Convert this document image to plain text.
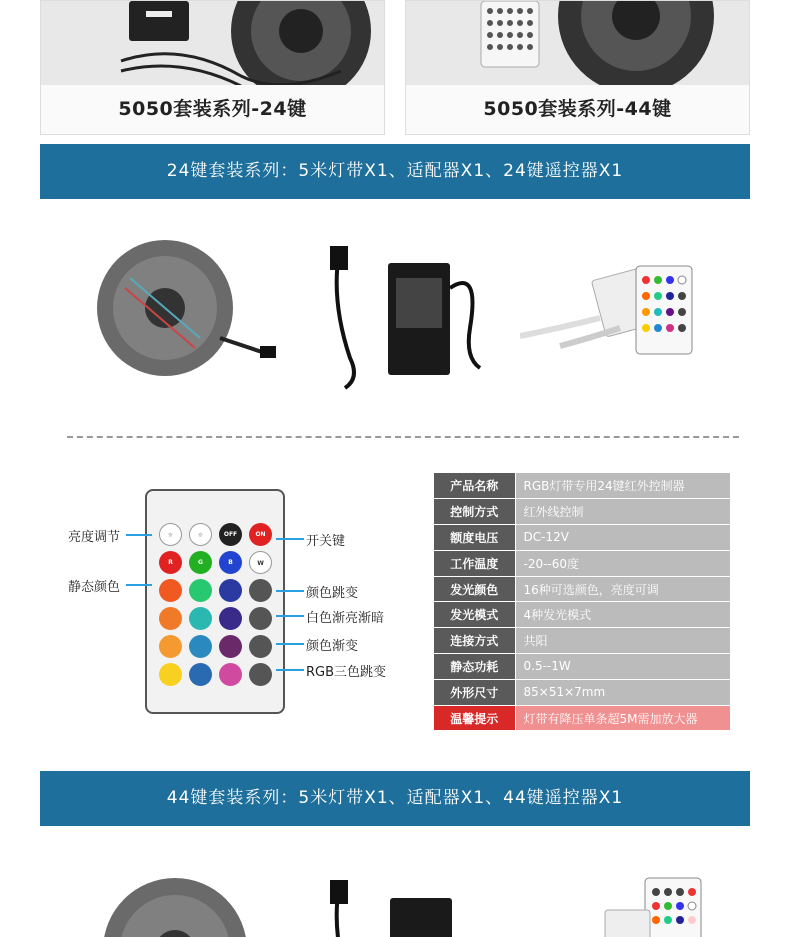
5050套装系列-24键	5050套装系列-44键
24键套装系列：5米灯带X1、适配器X1、24键遥控器X1
☼	☼	OFF	ON
R	G	B	W
亮度调节
静态颜色
开关键
颜色跳变
白色渐亮渐暗
颜色渐变
RGB三色跳变
产品名称	RGB灯带专用24键红外控制器
控制方式	红外线控制
额度电压	DC-12V
工作温度	-20--60度
发光颜色	16种可选颜色，亮度可调
发光模式	4种发光模式
连接方式	共阳
静态功耗	0.5--1W
外形尺寸	85×51×7mm
温馨提示	灯带有降压单条超5M需加放大器
44键套装系列：5米灯带X1、适配器X1、44键遥控器X1
